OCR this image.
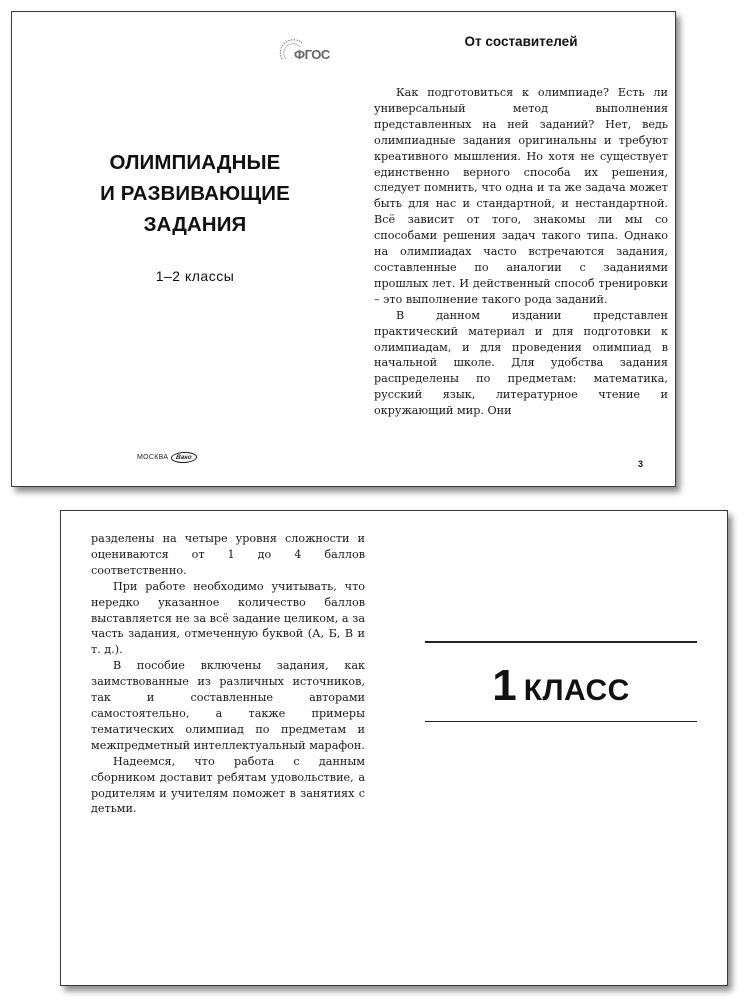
ФГОС
ОЛИМПИАДНЫЕ
И РАЗВИВАЮЩИЕ
ЗАДАНИЯ
1–2 классы
МОСКВА	Вако
От составителей

Как подготовиться к олимпиаде? Есть ли универсальный метод выполнения представленных на ней заданий? Нет, ведь олимпиадные задания оригинальны и требуют креативного мышления. Но хотя не существует единственно верного способа их решения, следует помнить, что одна и та же задача может быть для нас и стандартной, и нестандартной. Всё зависит от того, знакомы ли мы со способами решения задач такого типа. Однако на олимпиадах часто встречаются задания, составленные по аналогии с заданиями прошлых лет. И действенный способ тренировки – это выполнение такого рода заданий.

В данном издании представлен практический материал и для подготовки к олимпиадам, и для проведения олимпиад в начальной школе. Для удобства задания распределены по предметам: математика, русский язык, литературное чтение и окружающий мир. Они

3

разделены на четыре уровня сложности и оцениваются от 1 до 4 баллов соответственно.

При работе необходимо учитывать, что нередко указанное количество баллов выставляется не за всё задание целиком, а за часть задания, отмеченную буквой (А, Б, В и т. д.).

В пособие включены задания, как заимствованные из различных источников, так и составленные авторами самостоятельно, а также примеры тематических олимпиад по предметам и межпредметный интеллектуальный марафон.

Надеемся, что работа с данным сборником доставит ребятам удовольствие, а родителям и учителям поможет в занятиях с детьми.

1 КЛАСС
